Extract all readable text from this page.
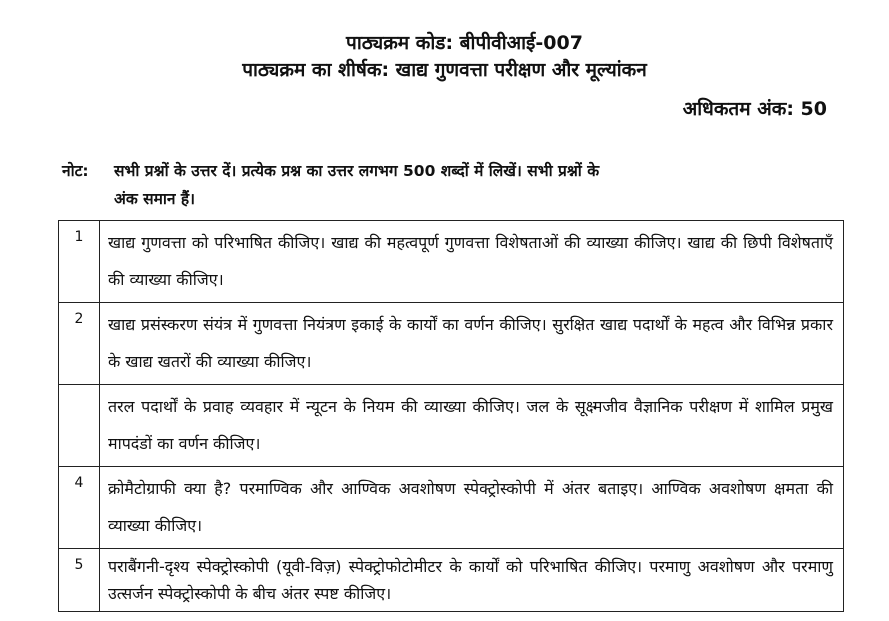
पाठ्यक्रम कोड: बीपीवीआई-007
पाठ्यक्रम का शीर्षक: खाद्य गुणवत्ता परीक्षण और मूल्यांकन
अधिकतम अंक: 50
नोट: सभी प्रश्नों के उत्तर दें। प्रत्येक प्रश्न का उत्तर लगभग 500 शब्दों में लिखें। सभी प्रश्नों के
अंक समान हैं।
1	खाद्य गुणवत्ता को परिभाषित कीजिए। खाद्य की महत्वपूर्ण गुणवत्ता विशेषताओं की व्याख्या कीजिए। खाद्य की छिपी विशेषताएँ की व्याख्या कीजिए।
2	खाद्य प्रसंस्करण संयंत्र में गुणवत्ता नियंत्रण इकाई के कार्यों का वर्णन कीजिए। सुरक्षित खाद्य पदार्थों के महत्व और विभिन्न प्रकार के खाद्य खतरों की व्याख्या कीजिए।
	तरल पदार्थों के प्रवाह व्यवहार में न्यूटन के नियम की व्याख्या कीजिए। जल के सूक्ष्मजीव वैज्ञानिक परीक्षण में शामिल प्रमुख मापदंडों का वर्णन कीजिए।
4	क्रोमैटोग्राफी क्या है? परमाण्विक और आण्विक अवशोषण स्पेक्ट्रोस्कोपी में अंतर बताइए। आण्विक अवशोषण क्षमता की व्याख्या कीजिए।
5	पराबैंगनी-दृश्य स्पेक्ट्रोस्कोपी (यूवी-विज़) स्पेक्ट्रोफोटोमीटर के कार्यों को परिभाषित कीजिए। परमाणु अवशोषण और परमाणु उत्सर्जन स्पेक्ट्रोस्कोपी के बीच अंतर स्पष्ट कीजिए।
